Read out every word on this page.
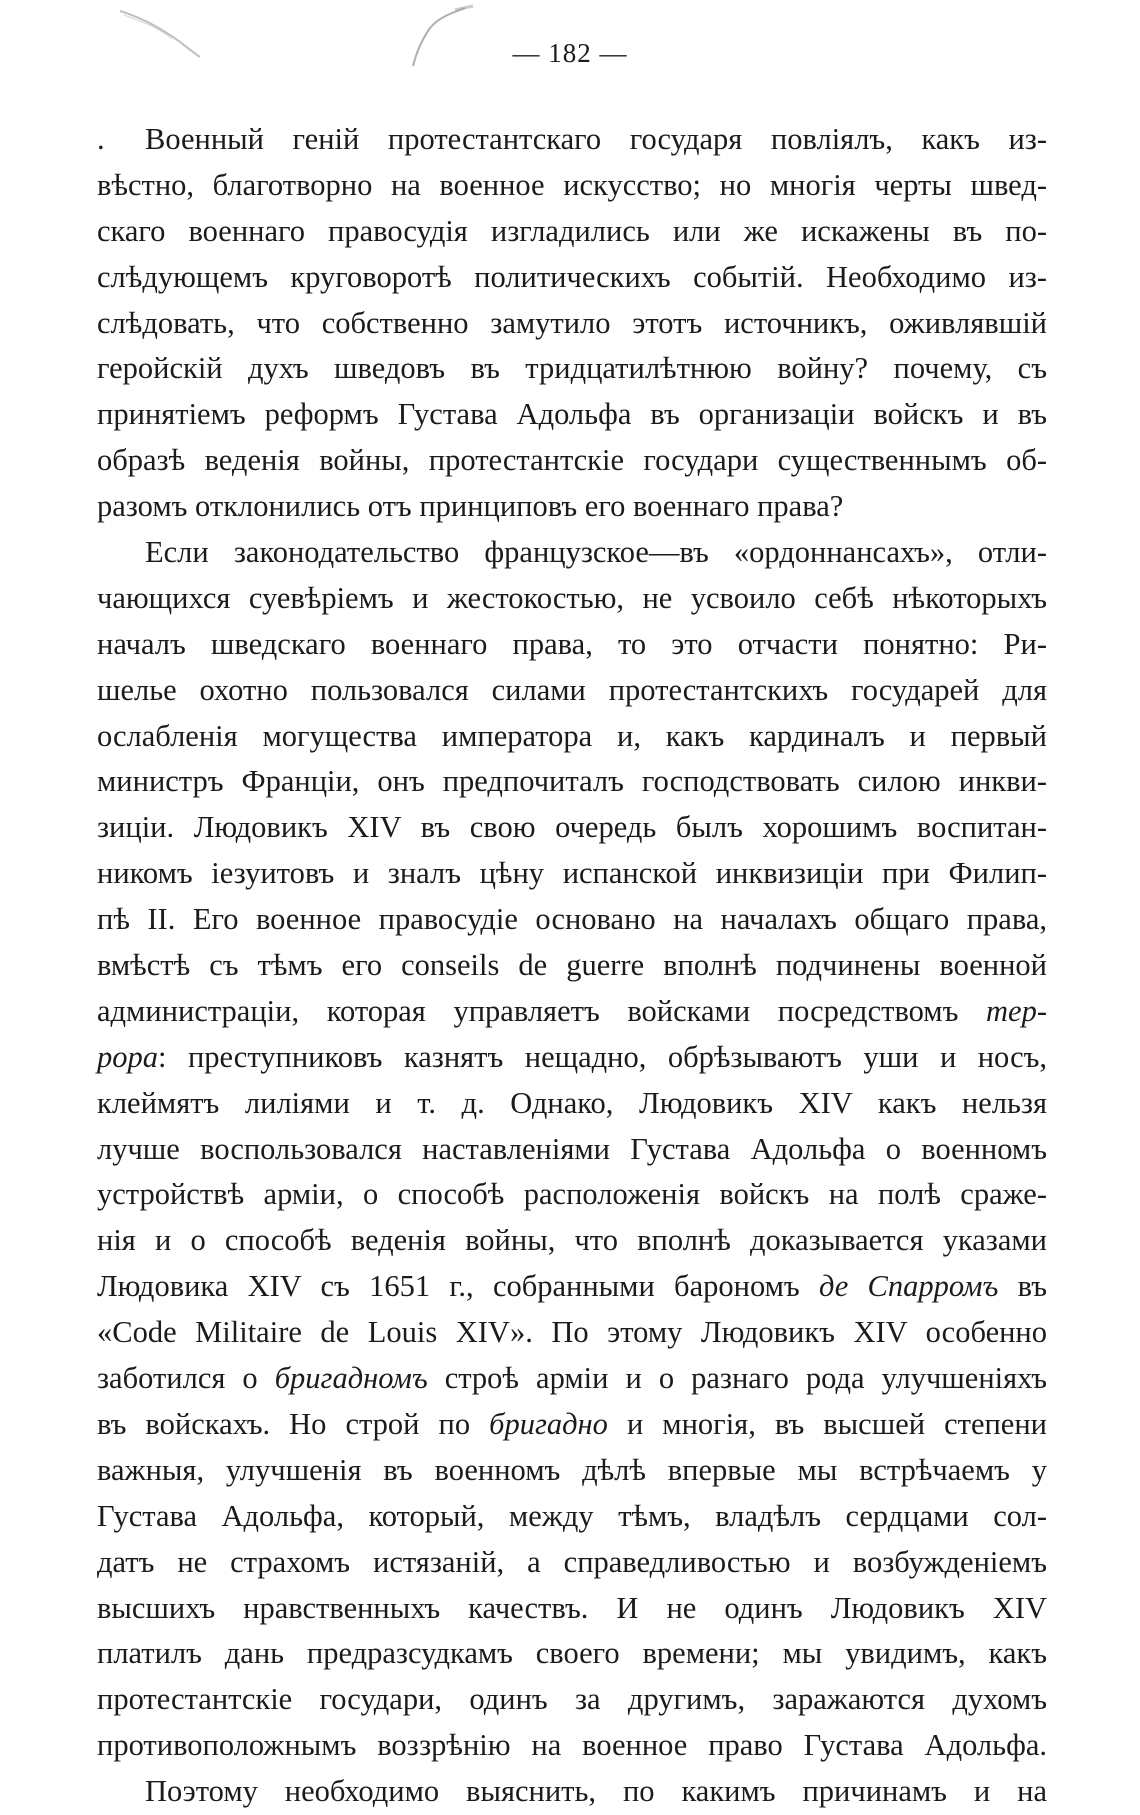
— 182 —
. Военный геній протестантскаго государя повліялъ, какъ из-
вѣстно, благотворно на военное искусство; но многія черты швед-
скаго военнаго правосудія изгладились или же искажены въ по-
слѣдующемъ круговоротѣ политическихъ событій. Необходимо из-
слѣдовать, что собственно замутило этотъ источникъ, оживлявшій
геройскій духъ шведовъ въ тридцатилѣтнюю войну? почему, съ
принятіемъ реформъ Густава Адольфа въ организаціи войскъ и въ
образѣ веденія войны, протестантскіе государи существеннымъ об-
разомъ отклонились отъ принциповъ его военнаго права?
Если законодательство французское—въ «ордоннансахъ», отли-
чающихся суевѣріемъ и жестокостью, не усвоило себѣ нѣкоторыхъ
началъ шведскаго военнаго права, то это отчасти понятно: Ри-
шелье охотно пользовался силами протестантскихъ государей для
ослабленія могущества императора и, какъ кардиналъ и первый
министръ Франціи, онъ предпочиталъ господствовать силою инкви-
зиціи. Людовикъ XIV въ свою очередь былъ хорошимъ воспитан-
никомъ іезуитовъ и зналъ цѣну испанской инквизиціи при Филип-
пѣ II. Его военное правосудіе основано на началахъ общаго права,
вмѣстѣ съ тѣмъ его conseils de guerre вполнѣ подчинены военной
администраціи, которая управляетъ войсками посредствомъ тер-
рора: преступниковъ казнятъ нещадно, обрѣзываютъ уши и носъ,
клеймятъ лиліями и т. д. Однако, Людовикъ XIV какъ нельзя
лучше воспользовался наставленіями Густава Адольфа о военномъ
устройствѣ арміи, о способѣ расположенія войскъ на полѣ сраже-
нія и о способѣ веденія войны, что вполнѣ доказывается указами
Людовика XIV съ 1651 г., собранными барономъ де Спарромъ въ
«Code Militaire de Louis XIV». По этому Людовикъ XIV особенно
заботился о бригадномъ строѣ арміи и о разнаго рода улучшеніяхъ
въ войскахъ. Но строй по бригадно и многія, въ высшей степени
важныя, улучшенія въ военномъ дѣлѣ впервые мы встрѣчаемъ у
Густава Адольфа, который, между тѣмъ, владѣлъ сердцами сол-
датъ не страхомъ истязаній, а справедливостью и возбужденіемъ
высшихъ нравственныхъ качествъ. И не одинъ Людовикъ XIV
платилъ дань предразсудкамъ своего времени; мы увидимъ, какъ
протестантскіе государи, одинъ за другимъ, заражаются духомъ
противоположнымъ воззрѣнію на военное право Густава Адольфа.
Поэтому необходимо выяснить, по какимъ причинамъ и на
